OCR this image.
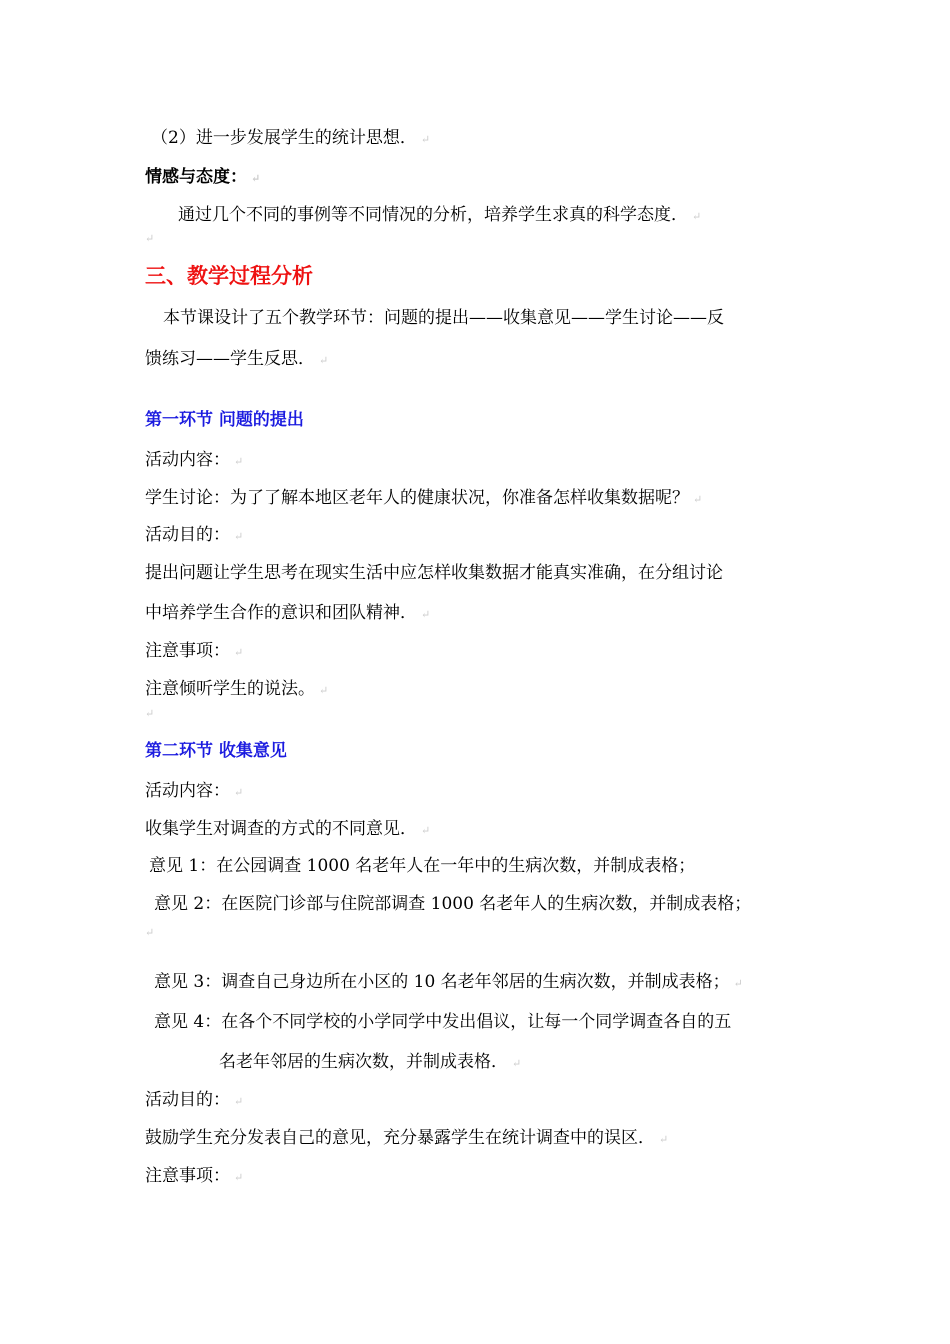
（2）进一步发展学生的统计思想． ↵
情感与态度： ↵
通过几个不同的事例等不同情况的分析，培养学生求真的科学态度． ↵
↵
三、教学过程分析
本节课设计了五个教学环节：问题的提出——收集意见——学生讨论——反
馈练习——学生反思． ↵
第一环节 问题的提出
活动内容： ↵
学生讨论：为了了解本地区老年人的健康状况，你准备怎样收集数据呢？ ↵
活动目的： ↵
提出问题让学生思考在现实生活中应怎样收集数据才能真实准确，在分组讨论
中培养学生合作的意识和团队精神． ↵
注意事项： ↵
注意倾听学生的说法。 ↵
↵
第二环节 收集意见
活动内容： ↵
收集学生对调查的方式的不同意见． ↵
意见 1：在公园调查 1000 名老年人在一年中的生病次数，并制成表格；
意见 2：在医院门诊部与住院部调查 1000 名老年人的生病次数，并制成表格；
↵
意见 3：调查自己身边所在小区的 10 名老年邻居的生病次数，并制成表格； ↵
意见 4：在各个不同学校的小学同学中发出倡议，让每一个同学调查各自的五
名老年邻居的生病次数，并制成表格． ↵
活动目的： ↵
鼓励学生充分发表自己的意见，充分暴露学生在统计调查中的误区． ↵
注意事项： ↵
